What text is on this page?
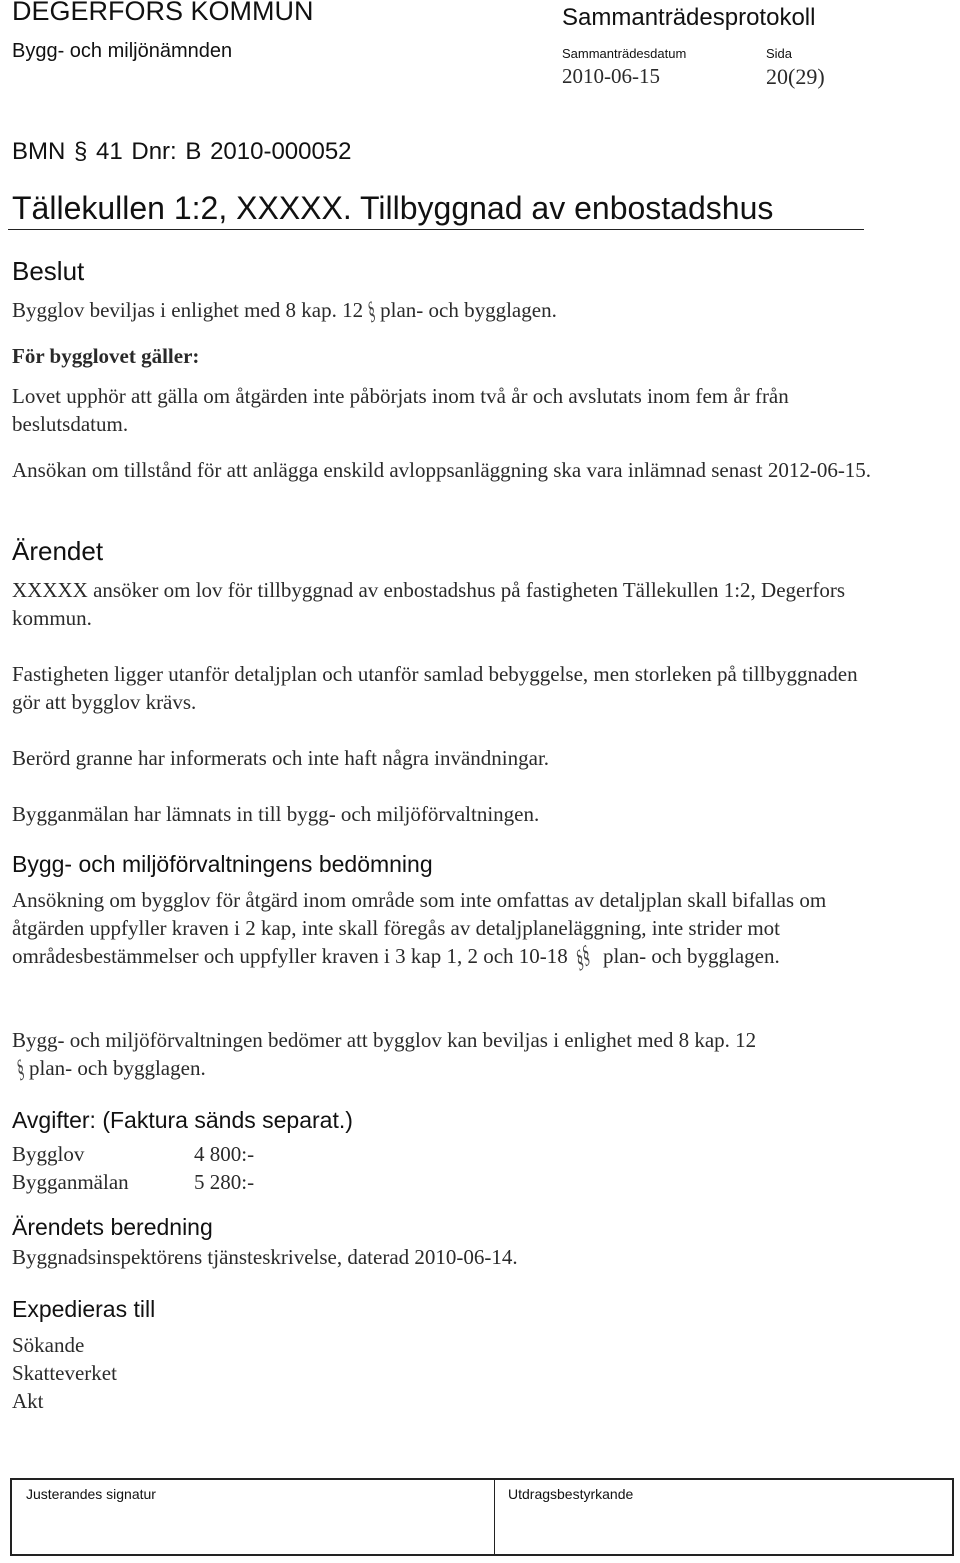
DEGERFORS KOMMUN
Bygg- och miljönämnden
Sammanträdesprotokoll
Sammanträdesdatum	Sida
2010-06-15	20(29)
BMN § 41 Dnr: B 2010-000052
Tällekullen 1:2, XXXXX. Tillbyggnad av enbostadshus
Beslut
Bygglov beviljas i enlighet med 8 kap. 12 § plan- och bygglagen.
För bygglovet gäller:
Lovet upphör att gälla om åtgärden inte påbörjats inom två år och avslutats inom fem år från beslutsdatum.
Ansökan om tillstånd för att anlägga enskild avloppsanläggning ska vara inlämnad senast 2012-06-15.
Ärendet
XXXXX ansöker om lov för tillbyggnad av enbostadshus på fastigheten Tällekullen 1:2, Degerfors kommun.
Fastigheten ligger utanför detaljplan och utanför samlad bebyggelse, men storleken på tillbyggnaden gör att bygglov krävs.
Berörd granne har informerats och inte haft några invändningar.
Bygganmälan har lämnats in till bygg- och miljöförvaltningen.
Bygg- och miljöförvaltningens bedömning
Ansökning om bygglov för åtgärd inom område som inte omfattas av detaljplan skall bifallas om åtgärden uppfyller kraven i 2 kap, inte skall föregås av detaljplaneläggning, inte strider mot områdesbestämmelser och uppfyller kraven i 3 kap 1, 2 och 10-18 §§ plan- och bygglagen.
Bygg- och miljöförvaltningen bedömer att bygglov kan beviljas i enlighet med 8 kap. 12§ plan- och bygglagen.
Avgifter: (Faktura sänds separat.)
Bygglov	4 800:-
Bygganmälan	5 280:-
Ärendets beredning
Byggnadsinspektörens tjänsteskrivelse, daterad 2010-06-14.
Expedieras till
Sökande
Skatteverket
Akt
Justerandes signatur	Utdragsbestyrkande
